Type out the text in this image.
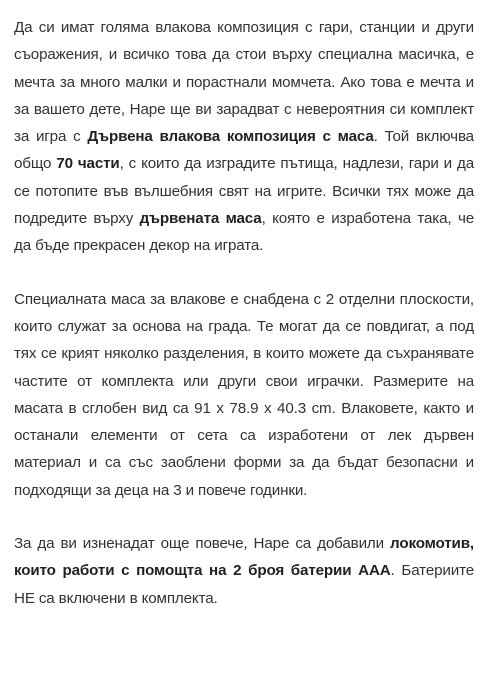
Да си имат голяма влакова композиция с гари, станции и други съоражения, и всичко това да стои върху специална масичка, е мечта за много малки и порастнали момчета. Ако това е мечта и за вашето дете, Наре ще ви зарадват с невероятния си комплект за игра с Дървена влакова композиция с маса. Той включва общо 70 части, с които да изградите пътища, надлези, гари и да се потопите във вълшебния свят на игрите. Всички тях може да подредите върху дървената маса, която е изработена така, че да бъде прекрасен декор на играта.

Специалната маса за влакове е снабдена с 2 отделни плоскости, които служат за основа на града. Те могат да се повдигат, а под тях се крият няколко разделения, в които можете да съхранявате частите от комплекта или други свои играчки. Размерите на масата в сглобен вид са 91 х 78.9 х 40.3 cm. Влаковете, както и останали елементи от сета са изработени от лек дървен материал и са със заоблени форми за да бъдат безопасни и подходящи за деца на 3 и повече годинки.

За да ви изненадат още повече, Наре са добавили локомотив, които работи с помощта на 2 броя батерии AAA. Батериите НЕ са включени в комплекта.
